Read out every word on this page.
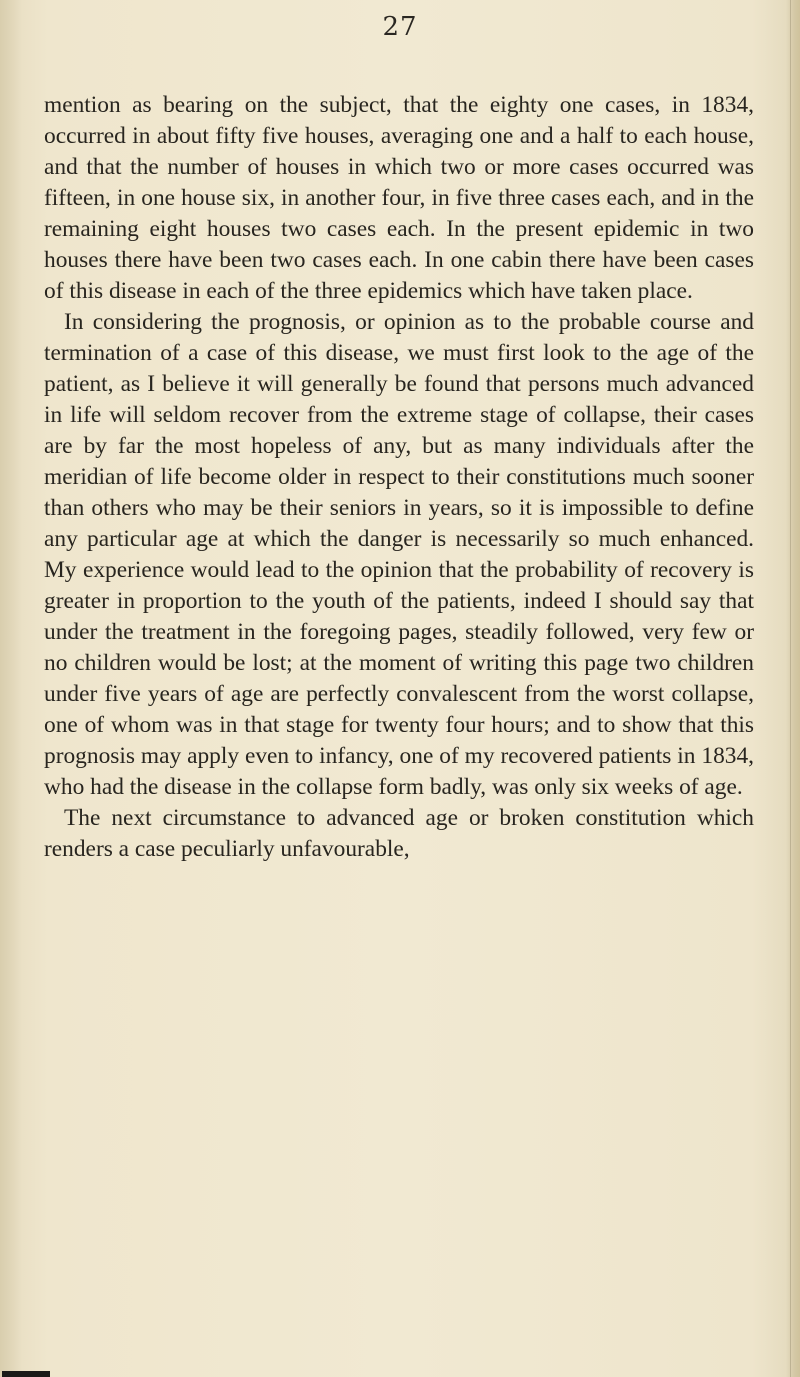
27

mention as bearing on the subject, that the eighty one cases, in 1834, occurred in about fifty five houses, averaging one and a half to each house, and that the number of houses in which two or more cases occurred was fifteen, in one house six, in another four, in five three cases each, and in the remaining eight houses two cases each. In the present epidemic in two houses there have been two cases each. In one cabin there have been cases of this disease in each of the three epidemics which have taken place.

In considering the prognosis, or opinion as to the probable course and termination of a case of this disease, we must first look to the age of the patient, as I believe it will generally be found that persons much advanced in life will seldom recover from the extreme stage of collapse, their cases are by far the most hopeless of any, but as many individuals after the meridian of life become older in respect to their constitutions much sooner than others who may be their seniors in years, so it is impossible to define any particular age at which the danger is necessarily so much enhanced. My experience would lead to the opinion that the probability of recovery is greater in proportion to the youth of the patients, indeed I should say that under the treatment in the foregoing pages, steadily followed, very few or no children would be lost; at the moment of writing this page two children under five years of age are perfectly convalescent from the worst collapse, one of whom was in that stage for twenty four hours; and to show that this prognosis may apply even to infancy, one of my recovered patients in 1834, who had the disease in the collapse form badly, was only six weeks of age.

The next circumstance to advanced age or broken constitution which renders a case peculiarly unfavourable,
